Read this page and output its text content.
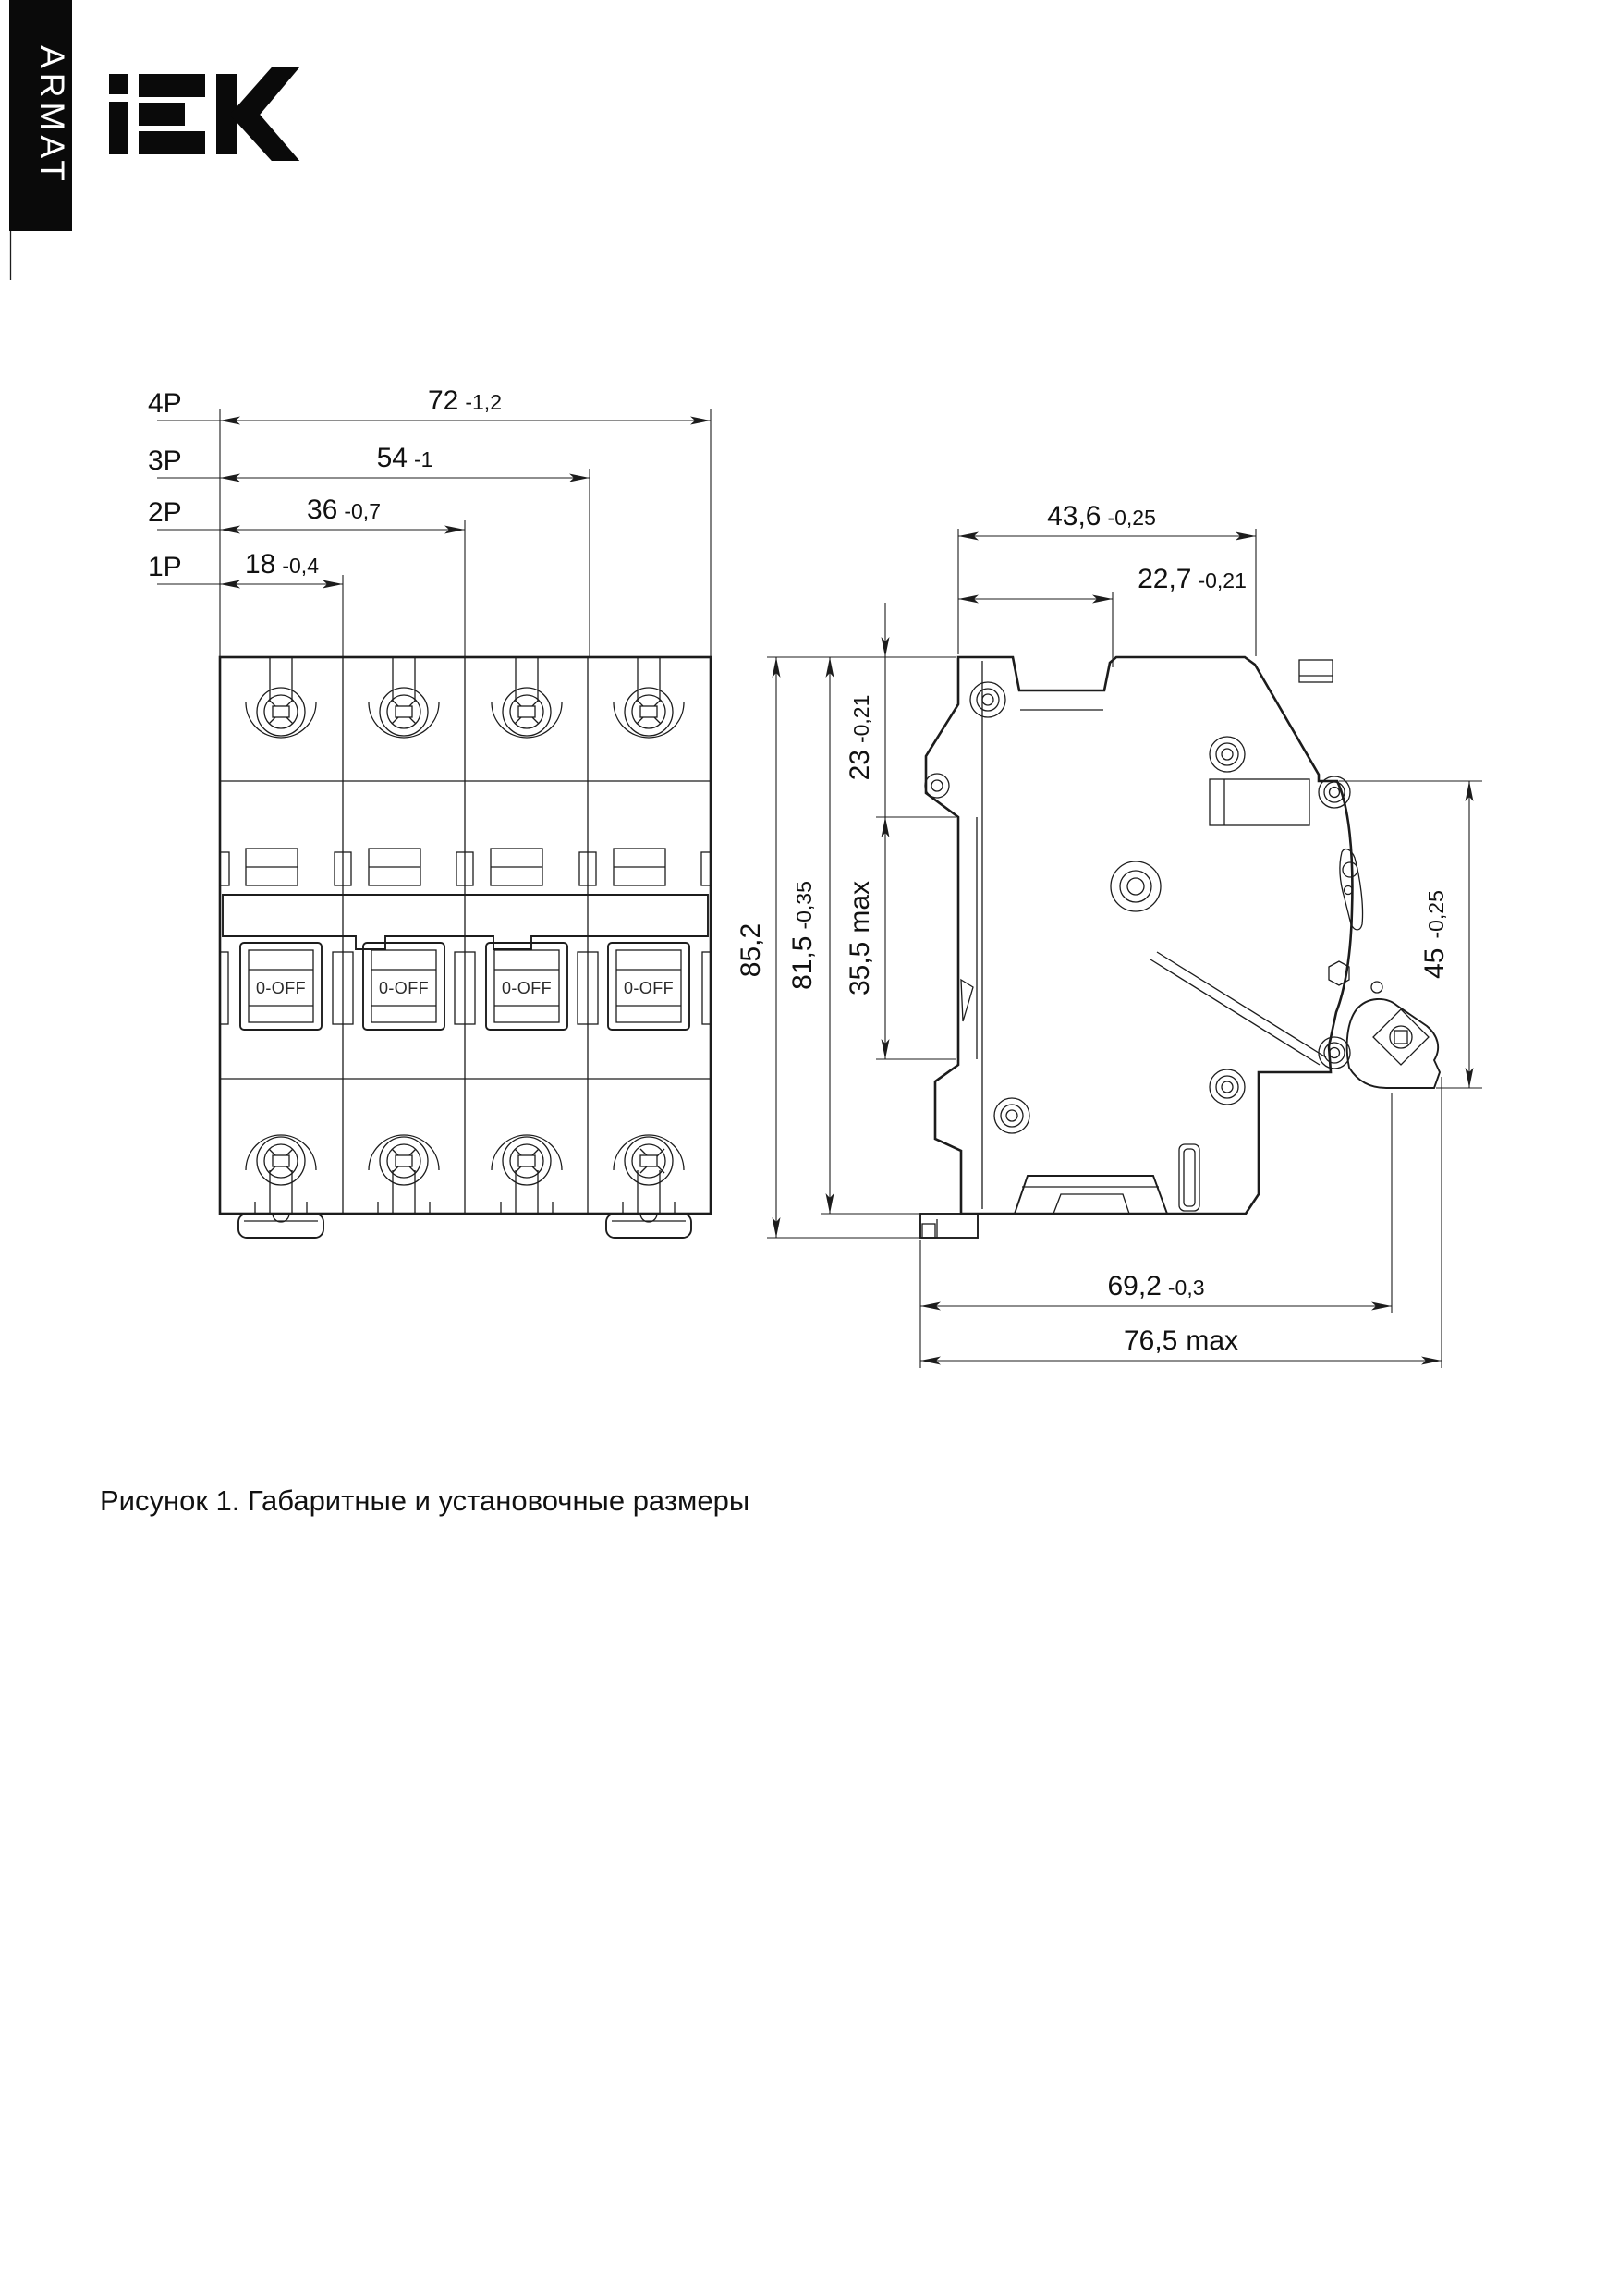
ARMAT
4P	72 -1,2
3P	54 -1
2P	36 -0,7
1P 18 -0,4
0-OFF	0-OFF	0-OFF	0-OFF
43,6 -0,25
22,7 -0,21
85,2 81,5-0,35
23-0,21
35,5max
45-0,25
69,2 -0,3
76,5 max
Рисунок 1. Габаритные и установочные размеры
